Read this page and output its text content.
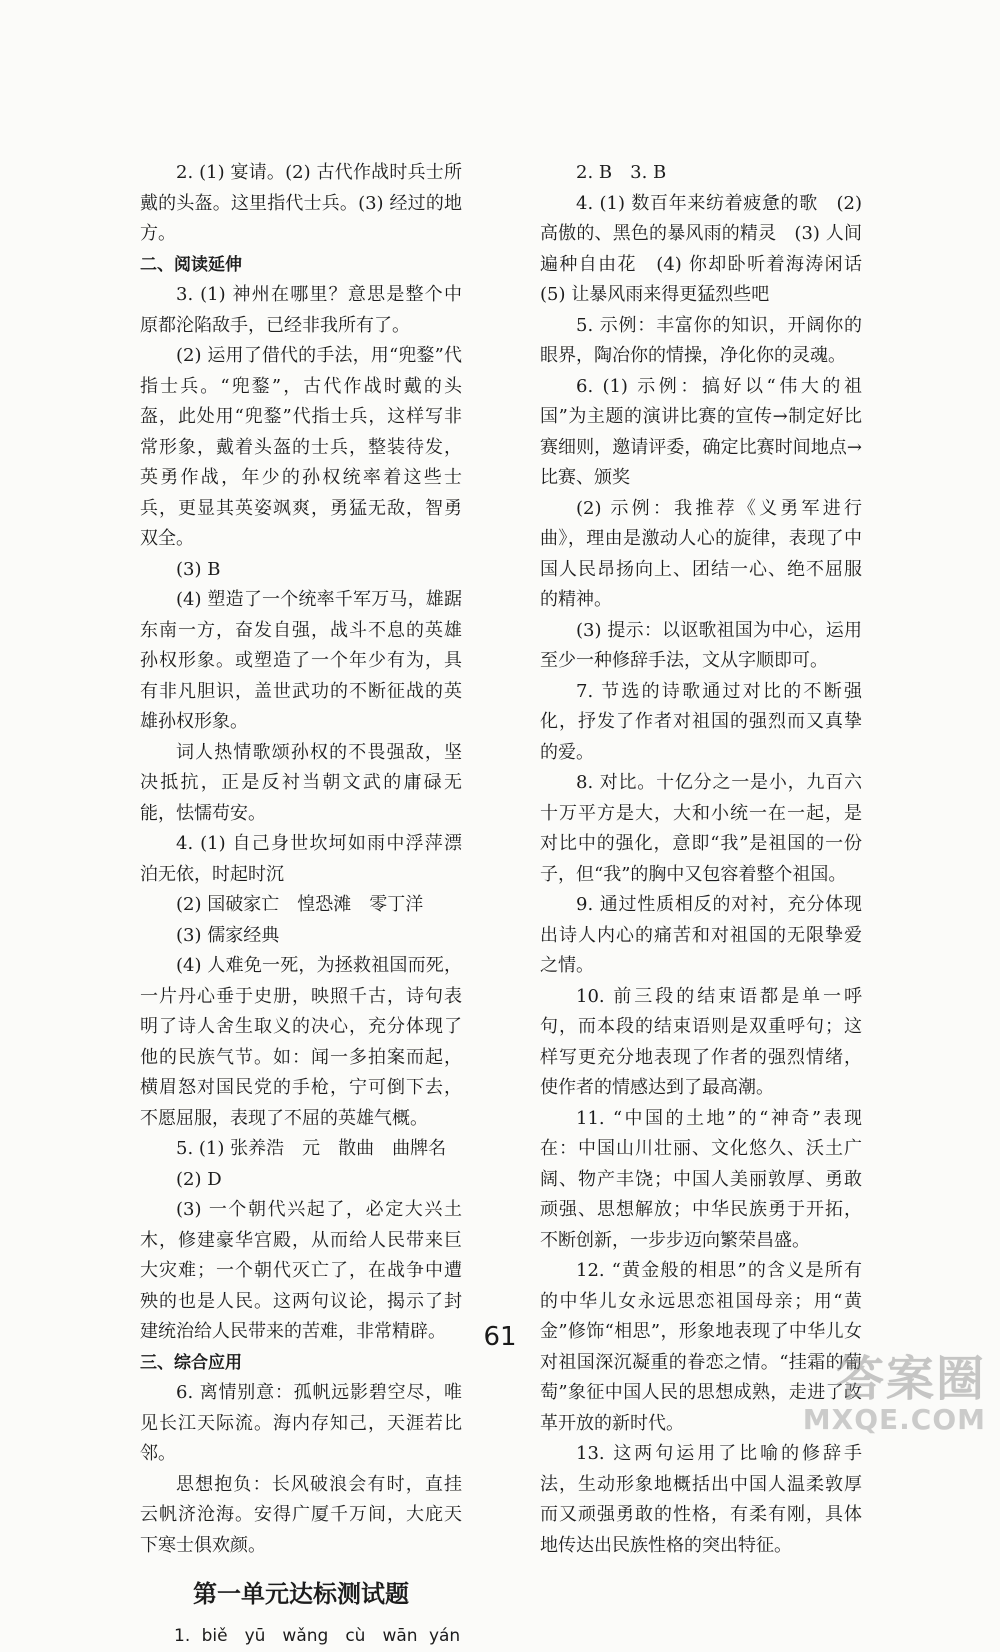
2. (1) 宴请。(2) 古代作战时兵士所戴的头盔。这里指代士兵。(3) 经过的地方。

二、阅读延伸

3. (1) 神州在哪里？意思是整个中原都沦陷敌手，已经非我所有了。

(2) 运用了借代的手法，用“兜鍪”代指士兵。“兜鍪”，古代作战时戴的头盔，此处用“兜鍪”代指士兵，这样写非常形象，戴着头盔的士兵，整装待发，英勇作战，年少的孙权统率着这些士兵，更显其英姿飒爽，勇猛无敌，智勇双全。

(3) B

(4) 塑造了一个统率千军万马，雄踞东南一方，奋发自强，战斗不息的英雄孙权形象。或塑造了一个年少有为，具有非凡胆识，盖世武功的不断征战的英雄孙权形象。

词人热情歌颂孙权的不畏强敌，坚决抵抗，正是反衬当朝文武的庸碌无能，怯懦苟安。

4. (1) 自己身世坎坷如雨中浮萍漂泊无依，时起时沉

(2) 国破家亡　惶恐滩　零丁洋

(3) 儒家经典

(4) 人难免一死，为拯救祖国而死，一片丹心垂于史册，映照千古，诗句表明了诗人舍生取义的决心，充分体现了他的民族气节。如：闻一多拍案而起，横眉怒对国民党的手枪，宁可倒下去，不愿屈服，表现了不屈的英雄气概。

5. (1) 张养浩　元　散曲　曲牌名

(2) D

(3) 一个朝代兴起了，必定大兴土木，修建豪华宫殿，从而给人民带来巨大灾难；一个朝代灭亡了，在战争中遭殃的也是人民。这两句议论，揭示了封建统治给人民带来的苦难，非常精辟。

三、综合应用

6. 离情别意：孤帆远影碧空尽，唯见长江天际流。海内存知己，天涯若比邻。

思想抱负：长风破浪会有时，直挂云帆济沧海。安得广厦千万间，大庇天下寒士俱欢颜。

第一单元达标测试题

1. biě　yū　wǎng　cù　wān yán

2. B　3. B

4. (1) 数百年来纺着疲惫的歌　(2) 高傲的、黑色的暴风雨的精灵　(3) 人间遍种自由花　(4) 你却卧听着海涛闲话　(5) 让暴风雨来得更猛烈些吧

5. 示例：丰富你的知识，开阔你的眼界，陶冶你的情操，净化你的灵魂。

6. (1) 示例：搞好以“伟大的祖国”为主题的演讲比赛的宣传→制定好比赛细则，邀请评委，确定比赛时间地点→比赛、颁奖

(2) 示例：我推荐《义勇军进行曲》，理由是激动人心的旋律，表现了中国人民昂扬向上、团结一心、绝不屈服的精神。

(3) 提示：以讴歌祖国为中心，运用至少一种修辞手法，文从字顺即可。

7. 节选的诗歌通过对比的不断强化，抒发了作者对祖国的强烈而又真挚的爱。

8. 对比。十亿分之一是小，九百六十万平方是大，大和小统一在一起，是对比中的强化，意即“我”是祖国的一份子，但“我”的胸中又包容着整个祖国。

9. 通过性质相反的对衬，充分体现出诗人内心的痛苦和对祖国的无限挚爱之情。

10. 前三段的结束语都是单一呼句，而本段的结束语则是双重呼句；这样写更充分地表现了作者的强烈情绪，使作者的情感达到了最高潮。

11. “中国的土地”的“神奇”表现在：中国山川壮丽、文化悠久、沃土广阔、物产丰饶；中国人美丽敦厚、勇敢顽强、思想解放；中华民族勇于开拓，不断创新，一步步迈向繁荣昌盛。

12. “黄金般的相思”的含义是所有的中华儿女永远思恋祖国母亲；用“黄金”修饰“相思”，形象地表现了中华儿女对祖国深沉凝重的眷恋之情。“挂霜的葡萄”象征中国人民的思想成熟，走进了改革开放的新时代。

13. 这两句运用了比喻的修辞手法，生动形象地概括出中国人温柔敦厚而又顽强勇敢的性格，有柔有刚，具体地传达出民族性格的突出特征。

61
答案圈
MXQE.COM
